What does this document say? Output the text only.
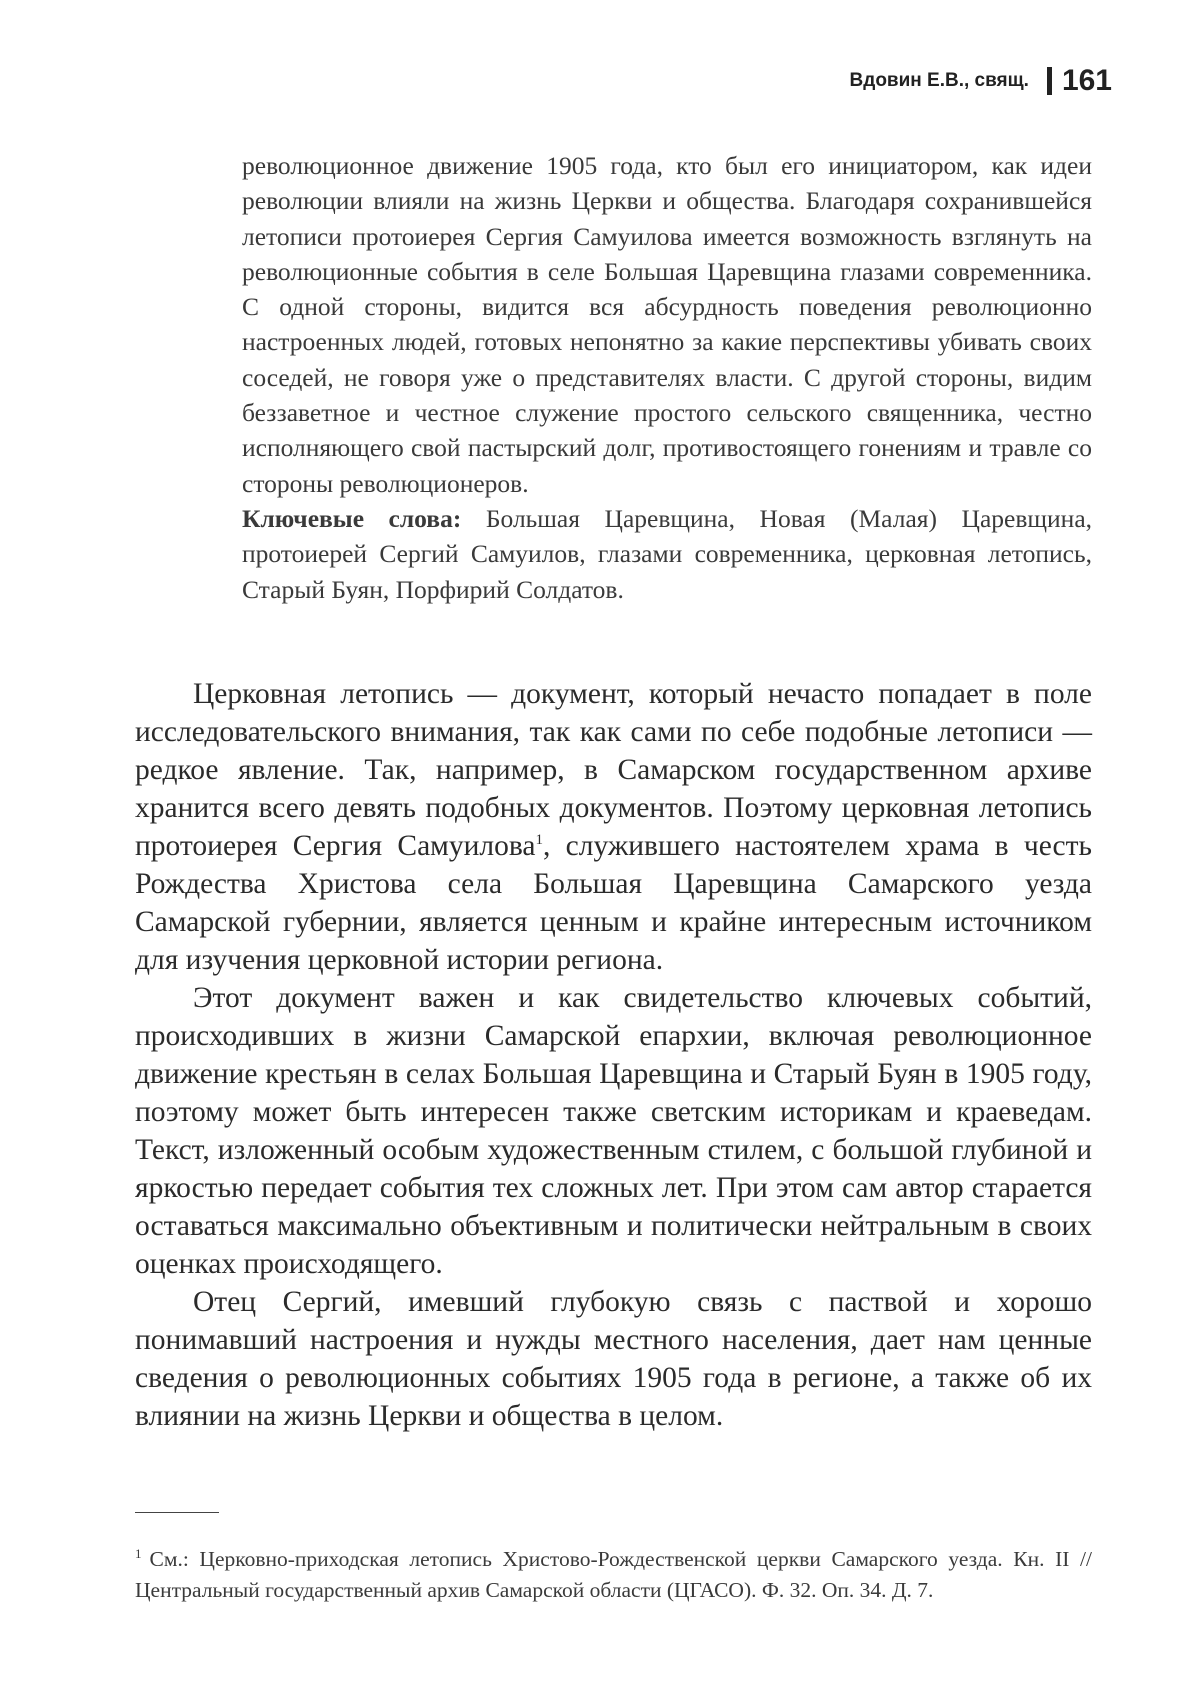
Вдовин Е.В., свящ. 161

революционное движение 1905 года, кто был его инициатором, как идеи революции влияли на жизнь Церкви и общества. Благодаря сохранившейся летописи протоиерея Сергия Самуилова имеется возможность взглянуть на революционные события в селе Большая Царевщина глазами современника. С одной стороны, видится вся абсурдность поведения революционно настроенных людей, готовых непонятно за какие перспективы убивать своих соседей, не говоря уже о представителях власти. С другой стороны, видим беззаветное и честное служение простого сельского священника, честно исполняющего свой пастырский долг, противостоящего гонениям и травле со стороны революционеров.

Ключевые слова: Большая Царевщина, Новая (Малая) Царевщина, протоиерей Сергий Самуилов, глазами современника, церковная летопись, Старый Буян, Порфирий Солдатов.

Церковная летопись — документ, который нечасто попадает в поле исследовательского внимания, так как сами по себе подобные летописи — редкое явление. Так, например, в Самарском государственном архиве хранится всего девять подобных документов. Поэтому церковная летопись протоиерея Сергия Самуилова$^1$, служившего настоятелем храма в честь Рождества Христова села Большая Царевщина Самарского уезда Самарской губернии, является ценным и крайне интересным источником для изучения церковной истории региона.

Этот документ важен и как свидетельство ключевых событий, происходивших в жизни Самарской епархии, включая революционное движение крестьян в селах Большая Царевщина и Старый Буян в 1905 году, поэтому может быть интересен также светским историкам и краеведам. Текст, изложенный особым художественным стилем, с большой глубиной и яркостью передает события тех сложных лет. При этом сам автор старается оставаться максимально объективным и политически нейтральным в своих оценках происходящего.

Отец Сергий, имевший глубокую связь с паствой и хорошо понимавший настроения и нужды местного населения, дает нам ценные сведения о революционных событиях 1905 года в регионе, а также об их влиянии на жизнь Церкви и общества в целом.

$^1$ См.: Церковно-приходская летопись Христово-Рождественской церкви Самарского уезда. Кн. II // Центральный государственный архив Самарской области (ЦГАСО). Ф. 32. Оп. 34. Д. 7.
